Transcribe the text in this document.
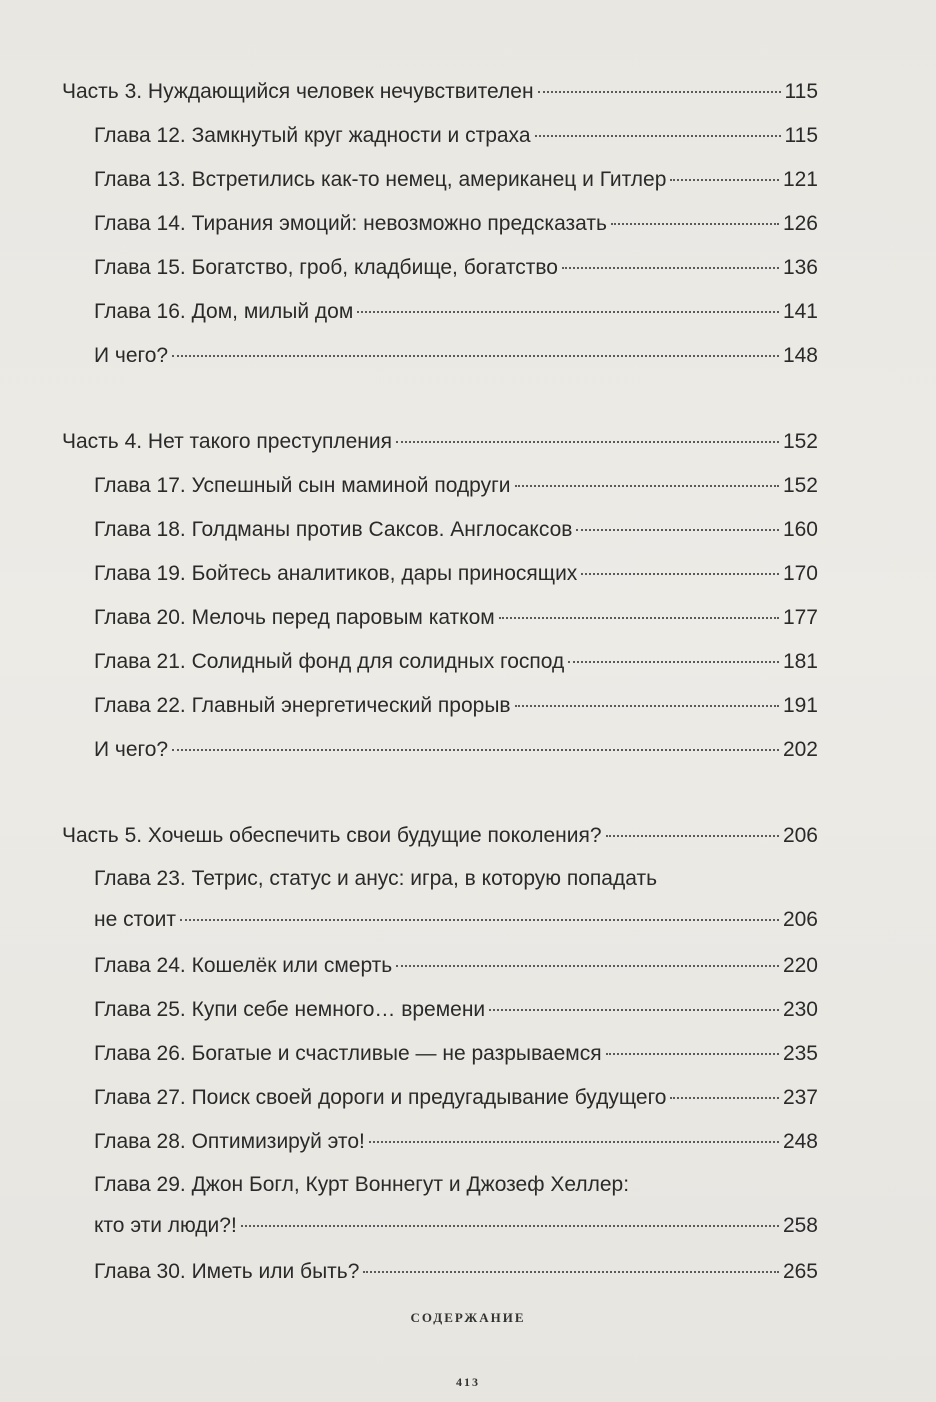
Часть 3. Нуждающийся человек нечувствителен	115
Глава 12. Замкнутый круг жадности и страха	115
Глава 13. Встретились как-то немец, американец и Гитлер	121
Глава 14. Тирания эмоций: невозможно предсказать	126
Глава 15. Богатство, гроб, кладбище, богатство	136
Глава 16. Дом, милый дом	141
И чего?	148
Часть 4. Нет такого преступления	152
Глава 17. Успешный сын маминой подруги	152
Глава 18. Голдманы против Саксов. Англосаксов	160
Глава 19. Бойтесь аналитиков, дары приносящих	170
Глава 20. Мелочь перед паровым катком	177
Глава 21. Солидный фонд для солидных господ	181
Глава 22. Главный энергетический прорыв	191
И чего?	202
Часть 5. Хочешь обеспечить свои будущие поколения?	206
Глава 23. Тетрис, статус и анус: игра, в которую попадать
не стоит	206
Глава 24. Кошелёк или смерть	220
Глава 25. Купи себе немного… времени	230
Глава 26. Богатые и счастливые — не разрываемся	235
Глава 27. Поиск своей дороги и предугадывание будущего	237
Глава 28. Оптимизируй это!	248
Глава 29. Джон Богл, Курт Воннегут и Джозеф Хеллер:
кто эти люди?!	258
Глава 30. Иметь или быть?	265
СОДЕРЖАНИЕ
413
